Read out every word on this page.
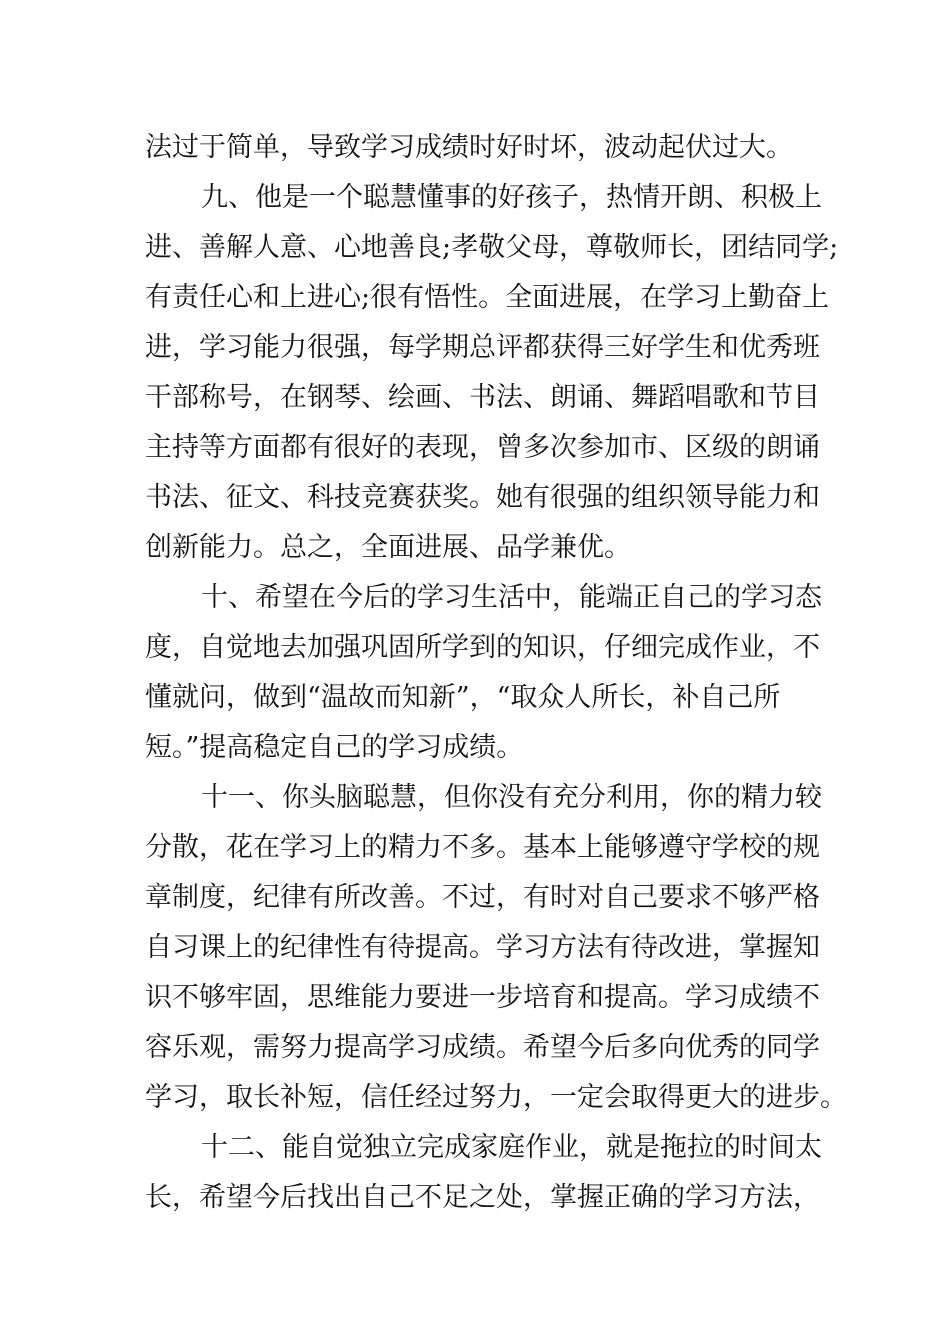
法过于简单，导致学习成绩时好时坏，波动起伏过大。
九、他是一个聪慧懂事的好孩子，热情开朗、积极上
进、善解人意、心地善良;孝敬父母，尊敬师长，团结同学;
有责任心和上进心;很有悟性。全面进展，在学习上勤奋上
进，学习能力很强，每学期总评都获得三好学生和优秀班
干部称号，在钢琴、绘画、书法、朗诵、舞蹈唱歌和节目
主持等方面都有很好的表现，曾多次参加市、区级的朗诵
书法、征文、科技竞赛获奖。她有很强的组织领导能力和
创新能力。总之，全面进展、品学兼优。
十、希望在今后的学习生活中，能端正自己的学习态
度，自觉地去加强巩固所学到的知识，仔细完成作业，不
懂就问，做到“温故而知新”，“取众人所长，补自己所
短。”提高稳定自己的学习成绩。
十一、你头脑聪慧，但你没有充分利用，你的精力较
分散，花在学习上的精力不多。基本上能够遵守学校的规
章制度，纪律有所改善。不过，有时对自己要求不够严格
自习课上的纪律性有待提高。学习方法有待改进，掌握知
识不够牢固，思维能力要进一步培育和提高。学习成绩不
容乐观，需努力提高学习成绩。希望今后多向优秀的同学
学习，取长补短，信任经过努力，一定会取得更大的进步。
十二、能自觉独立完成家庭作业，就是拖拉的时间太
长，希望今后找出自己不足之处，掌握正确的学习方法，
